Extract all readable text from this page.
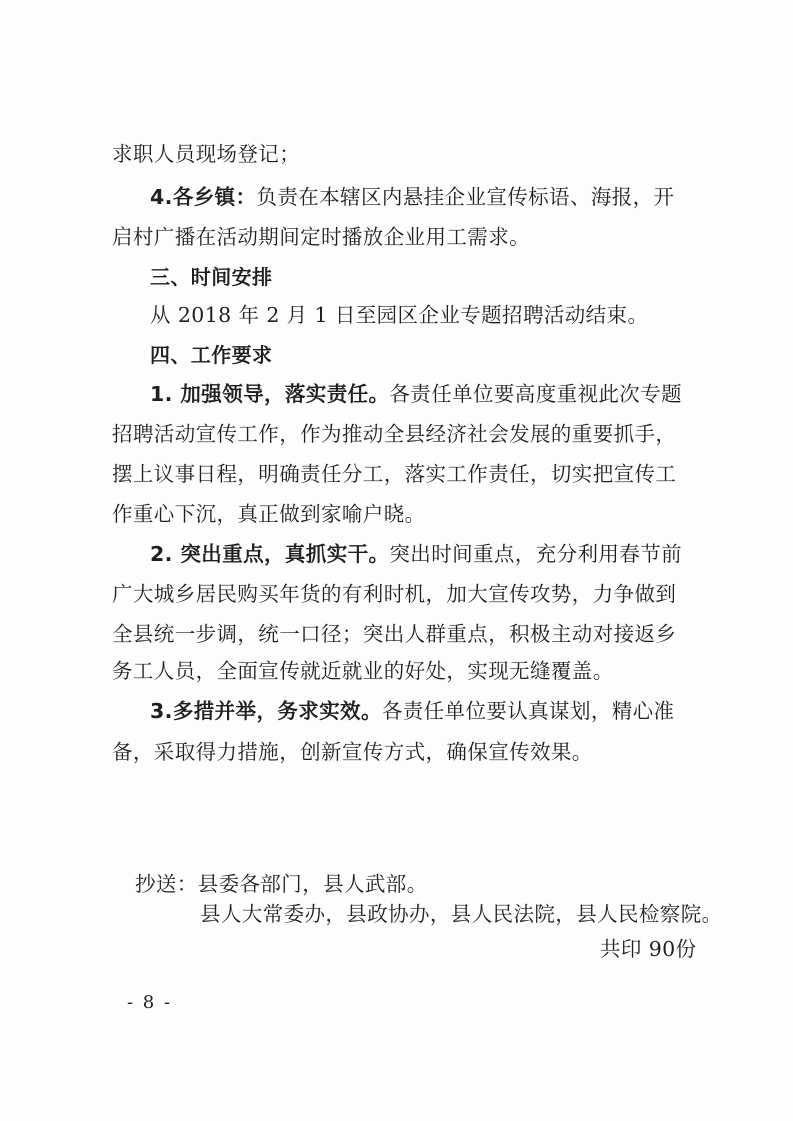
求职人员现场登记；
4.各乡镇：负责在本辖区内悬挂企业宣传标语、海报，开
启村广播在活动期间定时播放企业用工需求。
三、时间安排
从 2018 年 2 月 1 日至园区企业专题招聘活动结束。
四、工作要求
1. 加强领导，落实责任。各责任单位要高度重视此次专题
招聘活动宣传工作，作为推动全县经济社会发展的重要抓手，
摆上议事日程，明确责任分工，落实工作责任，切实把宣传工
作重心下沉，真正做到家喻户晓。
2. 突出重点，真抓实干。突出时间重点，充分利用春节前
广大城乡居民购买年货的有利时机，加大宣传攻势，力争做到
全县统一步调，统一口径；突出人群重点，积极主动对接返乡
务工人员，全面宣传就近就业的好处，实现无缝覆盖。
3.多措并举，务求实效。各责任单位要认真谋划，精心准
备，采取得力措施，创新宣传方式，确保宣传效果。
抄送：县委各部门，县人武部。
县人大常委办，县政协办，县人民法院，县人民检察院。
共印 90份
- 8 -
